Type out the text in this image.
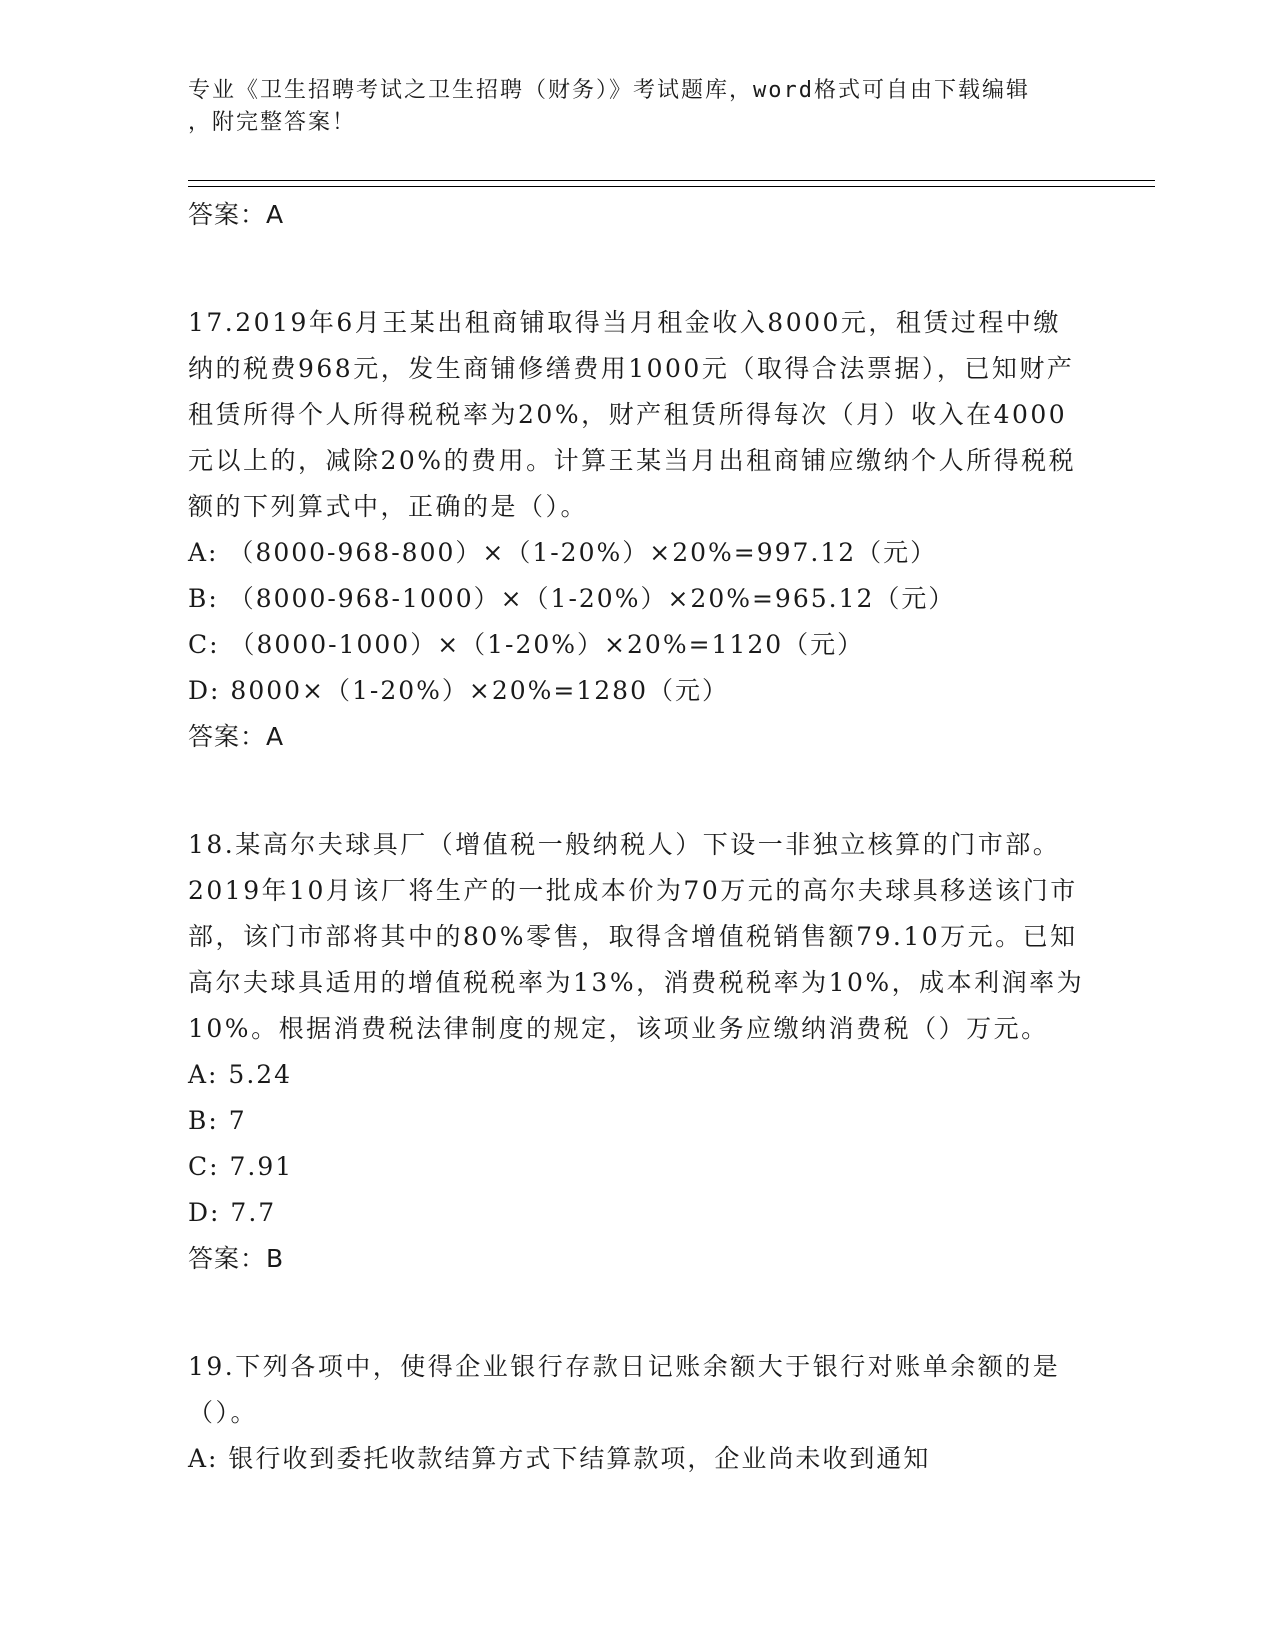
专业《卫生招聘考试之卫生招聘（财务）》考试题库，word格式可自由下载编辑
，附完整答案！
答案：A
17.2019年6月王某出租商铺取得当月租金收入8000元，租赁过程中缴纳的税费968元，发生商铺修缮费用1000元（取得合法票据），已知财产租赁所得个人所得税税率为20%，财产租赁所得每次（月）收入在4000元以上的，减除20%的费用。计算王某当月出租商铺应缴纳个人所得税税额的下列算式中，正确的是（）。
A: （8000-968-800）×（1-20%）×20%=997.12（元）
B: （8000-968-1000）×（1-20%）×20%=965.12（元）
C: （8000-1000）×（1-20%）×20%=1120（元）
D: 8000×（1-20%）×20%=1280（元）
答案：A
18.某高尔夫球具厂（增值税一般纳税人）下设一非独立核算的门市部。2019年10月该厂将生产的一批成本价为70万元的高尔夫球具移送该门市部，该门市部将其中的80%零售，取得含增值税销售额79.10万元。已知高尔夫球具适用的增值税税率为13%，消费税税率为10%，成本利润率为10%。根据消费税法律制度的规定，该项业务应缴纳消费税（）万元。
A: 5.24
B: 7
C: 7.91
D: 7.7
答案：B
19.下列各项中，使得企业银行存款日记账余额大于银行对账单余额的是（）。
A: 银行收到委托收款结算方式下结算款项，企业尚未收到通知
